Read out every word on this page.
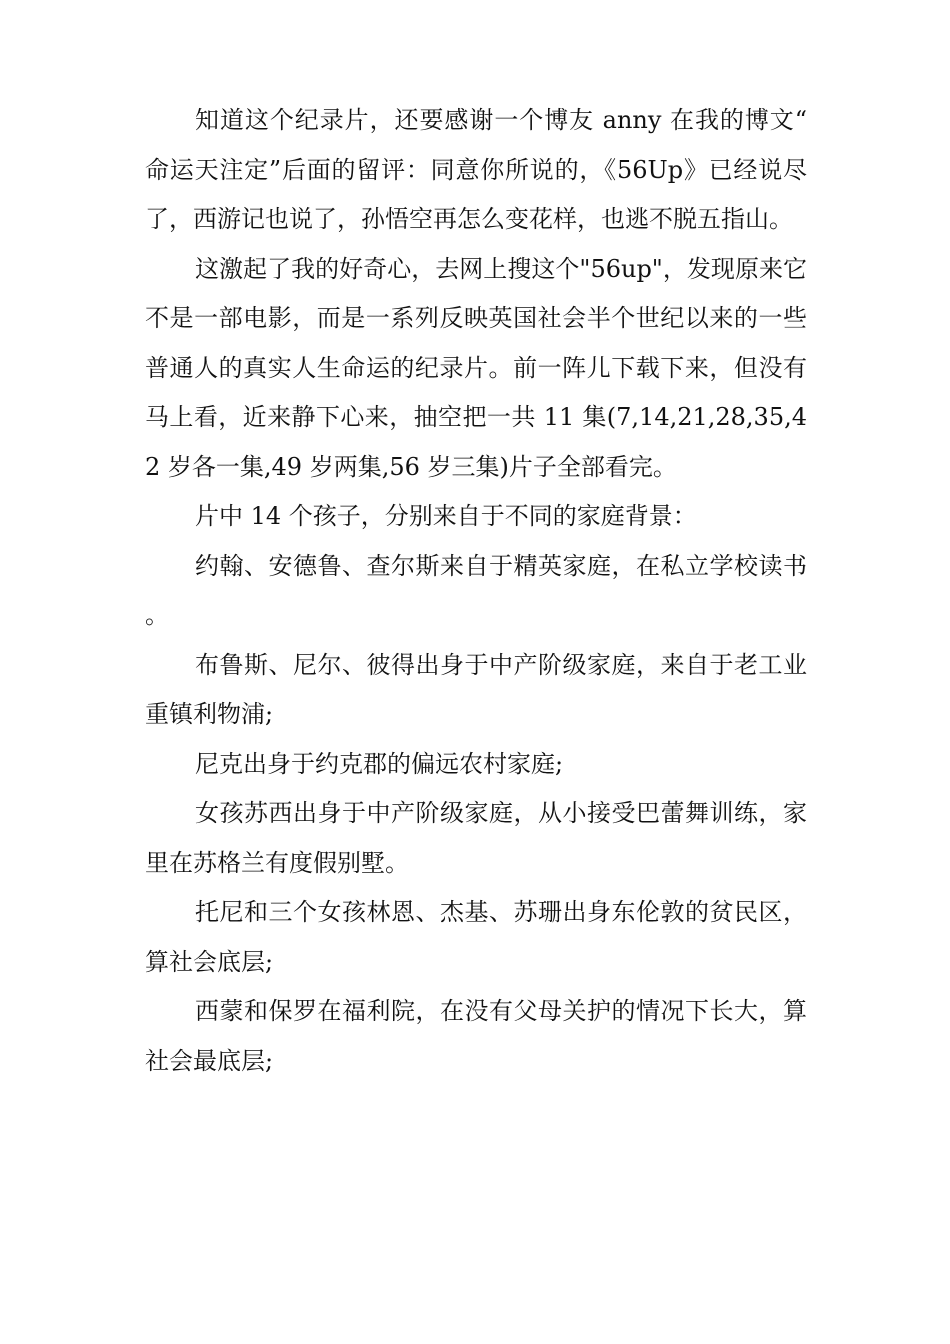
知道这个纪录片，还要感谢一个博友 anny 在我的博文“命运天注定”后面的留评：同意你所说的，《56Up》已经说尽了，西游记也说了，孙悟空再怎么变花样，也逃不脱五指山。

这激起了我的好奇心，去网上搜这个"56up"，发现原来它不是一部电影，而是一系列反映英国社会半个世纪以来的一些普通人的真实人生命运的纪录片。前一阵儿下载下来，但没有马上看，近来静下心来，抽空把一共 11 集(7,14,21,28,35,42 岁各一集,49 岁两集,56 岁三集)片子全部看完。

片中 14 个孩子，分别来自于不同的家庭背景：

约翰、安德鲁、查尔斯来自于精英家庭，在私立学校读书。

布鲁斯、尼尔、彼得出身于中产阶级家庭，来自于老工业重镇利物浦;

尼克出身于约克郡的偏远农村家庭;

女孩苏西出身于中产阶级家庭，从小接受巴蕾舞训练，家里在苏格兰有度假别墅。

托尼和三个女孩林恩、杰基、苏珊出身东伦敦的贫民区，算社会底层;

西蒙和保罗在福利院，在没有父母关护的情况下长大，算社会最底层;
